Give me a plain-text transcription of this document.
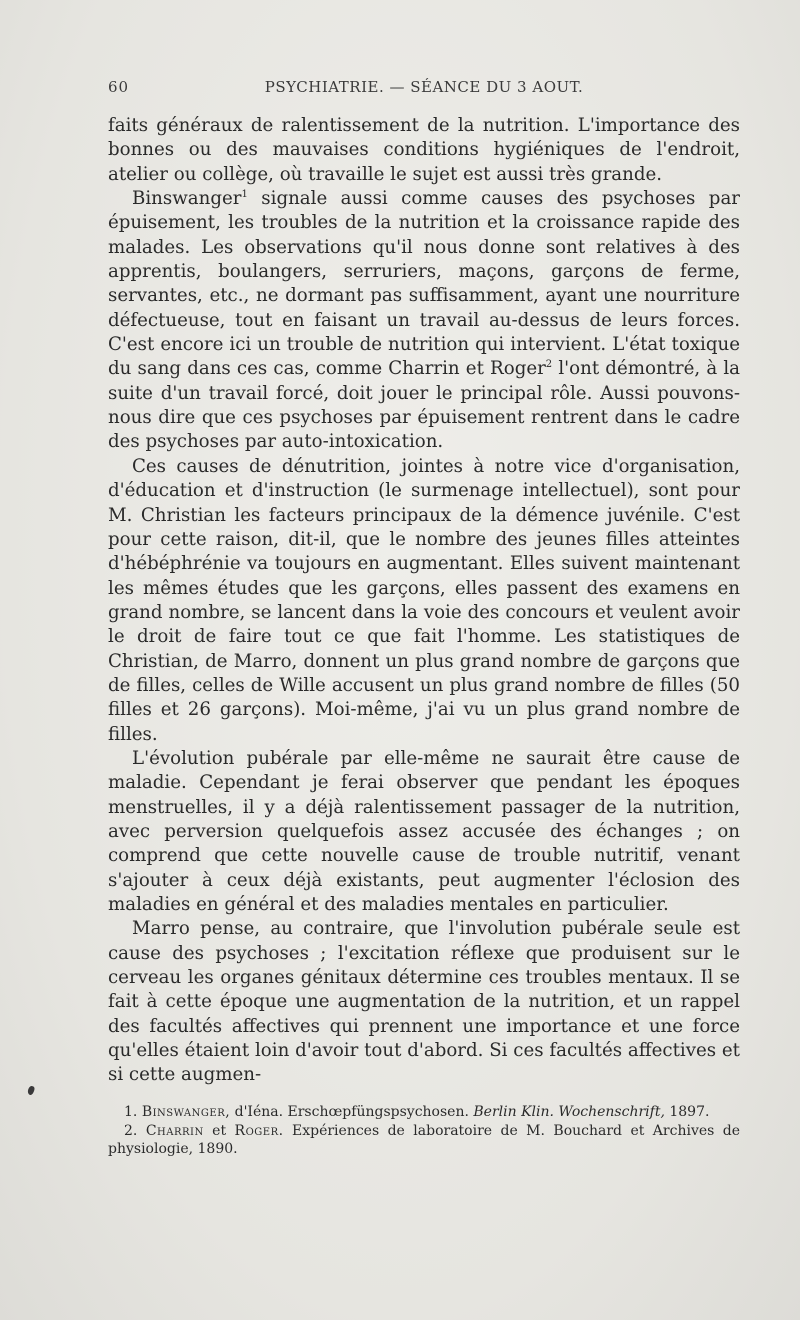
60	PSYCHIATRIE. — SÉANCE DU 3 AOUT.

faits généraux de ralentissement de la nutrition. L'importance des bonnes ou des mauvaises conditions hygiéniques de l'endroit, atelier ou collège, où travaille le sujet est aussi très grande.

Binswanger$^1$ signale aussi comme causes des psychoses par épuisement, les troubles de la nutrition et la croissance rapide des malades. Les observations qu'il nous donne sont relatives à des apprentis, boulangers, serruriers, maçons, garçons de ferme, servantes, etc., ne dormant pas suffisamment, ayant une nourriture défectueuse, tout en faisant un travail au-dessus de leurs forces. C'est encore ici un trouble de nutrition qui intervient. L'état toxique du sang dans ces cas, comme Charrin et Roger$^2$ l'ont démontré, à la suite d'un travail forcé, doit jouer le principal rôle. Aussi pouvons-nous dire que ces psychoses par épuisement rentrent dans le cadre des psychoses par auto-intoxication.

Ces causes de dénutrition, jointes à notre vice d'organisation, d'éducation et d'instruction (le surmenage intellectuel), sont pour M. Christian les facteurs principaux de la démence juvénile. C'est pour cette raison, dit-il, que le nombre des jeunes filles atteintes d'hébéphrénie va toujours en augmentant. Elles suivent maintenant les mêmes études que les garçons, elles passent des examens en grand nombre, se lancent dans la voie des concours et veulent avoir le droit de faire tout ce que fait l'homme. Les statistiques de Christian, de Marro, donnent un plus grand nombre de garçons que de filles, celles de Wille accusent un plus grand nombre de filles (50 filles et 26 garçons). Moi-même, j'ai vu un plus grand nombre de filles.

L'évolution pubérale par elle-même ne saurait être cause de maladie. Cependant je ferai observer que pendant les époques menstruelles, il y a déjà ralentissement passager de la nutrition, avec perversion quelquefois assez accusée des échanges ; on comprend que cette nouvelle cause de trouble nutritif, venant s'ajouter à ceux déjà existants, peut augmenter l'éclosion des maladies en général et des maladies mentales en particulier.

Marro pense, au contraire, que l'involution pubérale seule est cause des psychoses ; l'excitation réflexe que produisent sur le cerveau les organes génitaux détermine ces troubles mentaux. Il se fait à cette époque une augmentation de la nutrition, et un rappel des facultés affectives qui prennent une importance et une force qu'elles étaient loin d'avoir tout d'abord. Si ces facultés affectives et si cette augmen-

1. Binswanger, d'Iéna. Erschœpfüngspsychosen. Berlin Klin. Wochenschrift, 1897.

2. Charrin et Roger. Expériences de laboratoire de M. Bouchard et Archives de physiologie, 1890.
